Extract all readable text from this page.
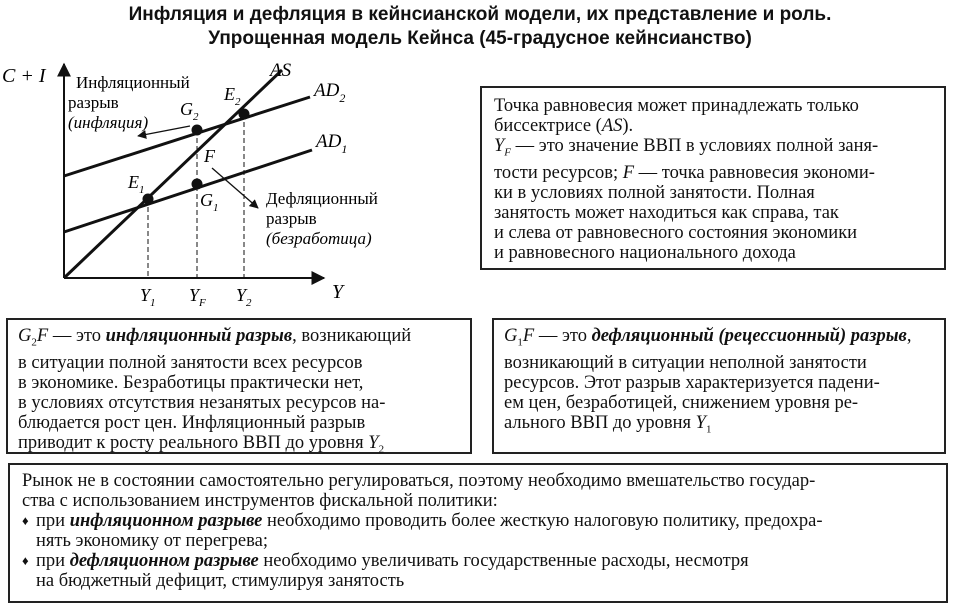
Инфляция и дефляция в кейнсианской модели, их представление и роль.
Упрощенная модель Кейнса (45-градусное кейнсианство)
C + I
Y
AS
$AD_2$
$AD_1$
$E_1$	$G_1$
$G_2$
$E_2$
F
$Y_1$ $Y_F$ $Y_2$
Инфляционный
разрыв
(инфляция)
Дефляционный
разрыв
(безработица)

Точка равновесия может принадлежать только

биссектрисе (AS).

$Y_F$ — это значение ВВП в условиях полной заня-

тости ресурсов; F — точка равновесия экономи-

ки в условиях полной занятости. Полная

занятость может находиться как справа, так

и слева от равновесного состояния экономики

и равновесного национального дохода

$G_2F$ — это инфляционный разрыв, возникающий

в ситуации полной занятости всех ресурсов

в экономике. Безработицы практически нет,

в условиях отсутствия незанятых ресурсов на-

блюдается рост цен. Инфляционный разрыв

приводит к росту реального ВВП до уровня $Y_2$

$G_1F$ — это дефляционный (рецессионный) разрыв,

возникающий в ситуации неполной занятости

ресурсов. Этот разрыв характеризуется падени-

ем цен, безработицей, снижением уровня ре-

ального ВВП до уровня $Y_1$

Рынок не в состоянии самостоятельно регулироваться, поэтому необходимо вмешательство государ-

ства с использованием инструментов фискальной политики:

♦ при инфляционном разрыве необходимо проводить более жесткую налоговую политику, предохра-

нять экономику от перегрева;

♦ при дефляционном разрыве необходимо увеличивать государственные расходы, несмотря

на бюджетный дефицит, стимулируя занятость
